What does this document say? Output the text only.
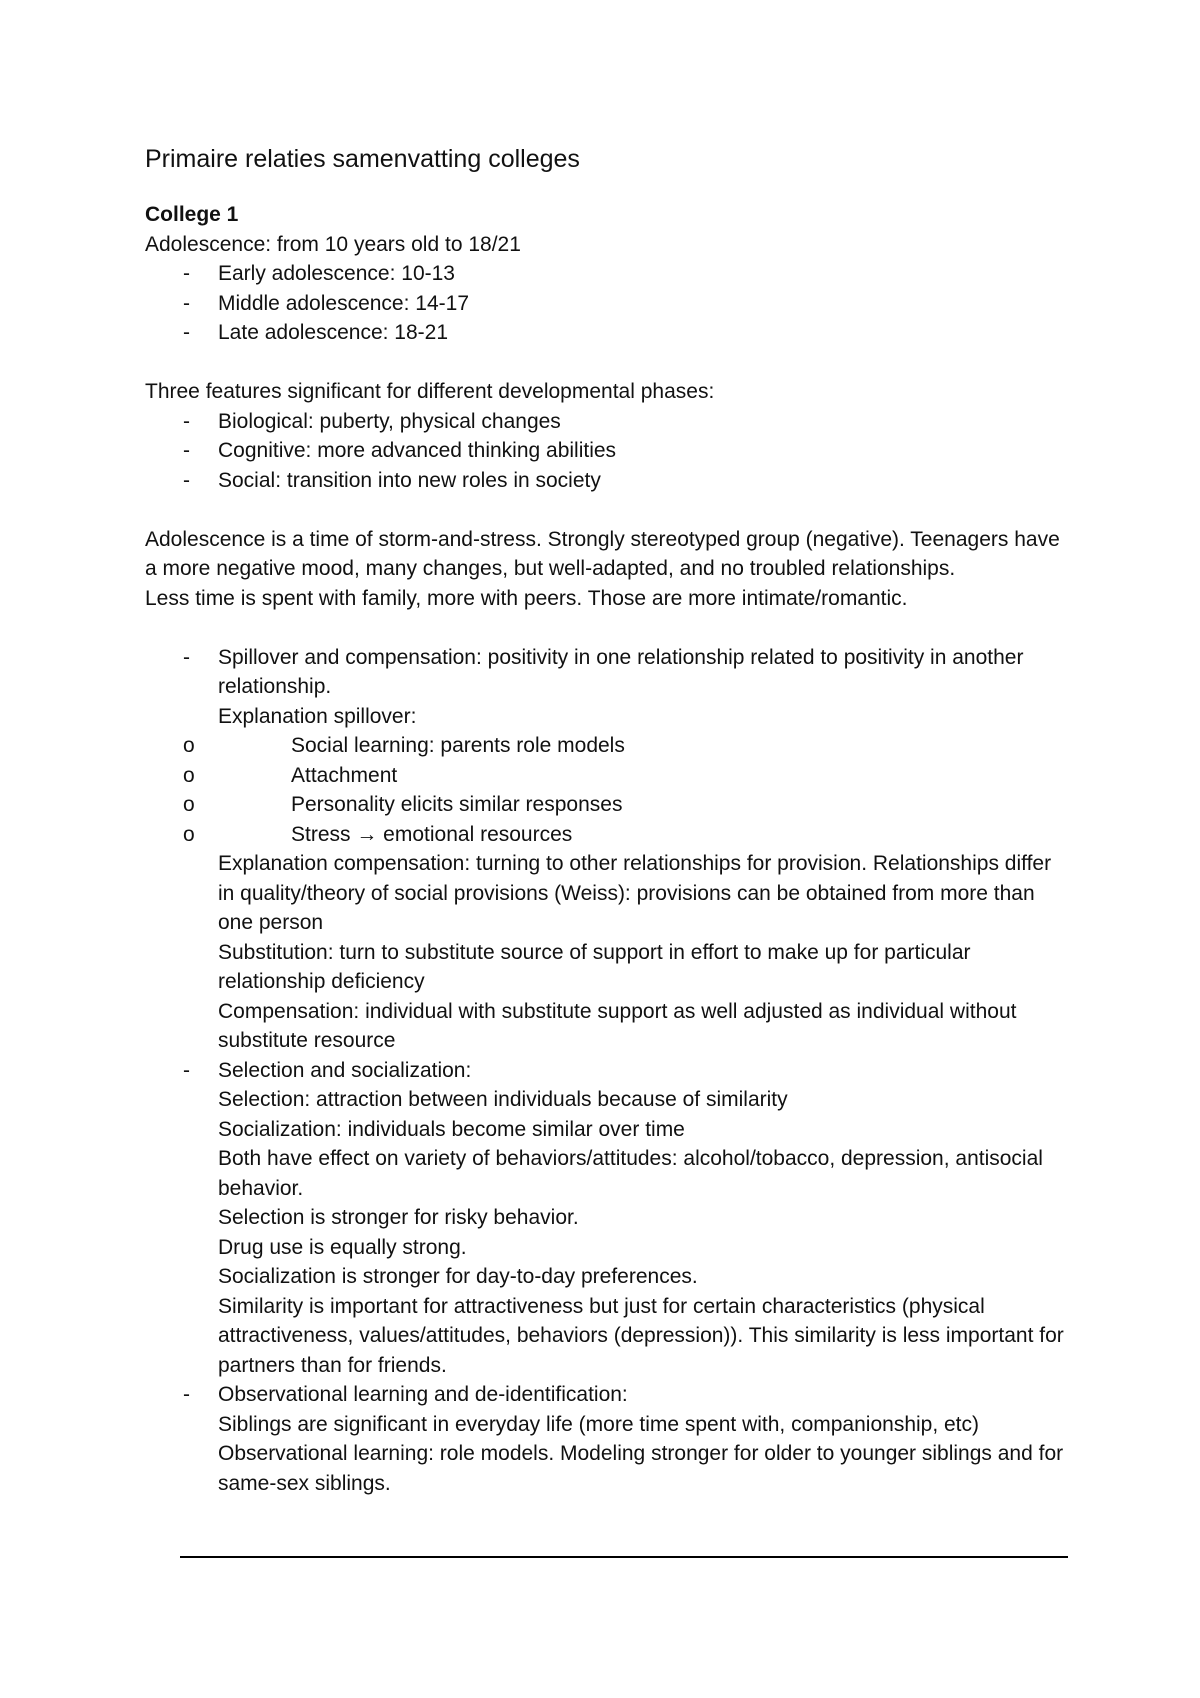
Primaire relaties samenvatting colleges
College 1
Adolescence: from 10 years old to 18/21
- Early adolescence: 10-13
- Middle adolescence: 14-17
- Late adolescence: 18-21
Three features significant for different developmental phases:
- Biological: puberty, physical changes
- Cognitive: more advanced thinking abilities
- Social: transition into new roles in society
Adolescence is a time of storm-and-stress. Strongly stereotyped group (negative). Teenagers have a more negative mood, many changes, but well-adapted, and no troubled relationships.
Less time is spent with family, more with peers. Those are more intimate/romantic.
- Spillover and compensation: positivity in one relationship related to positivity in another relationship.
Explanation spillover:
o Social learning: parents role models
o Attachment
o Personality elicits similar responses
o Stress → emotional resources
Explanation compensation: turning to other relationships for provision. Relationships differ in quality/theory of social provisions (Weiss): provisions can be obtained from more than one person
Substitution: turn to substitute source of support in effort to make up for particular relationship deficiency
Compensation: individual with substitute support as well adjusted as individual without substitute resource
- Selection and socialization:
Selection: attraction between individuals because of similarity
Socialization: individuals become similar over time
Both have effect on variety of behaviors/attitudes: alcohol/tobacco, depression, antisocial behavior.
Selection is stronger for risky behavior.
Drug use is equally strong.
Socialization is stronger for day-to-day preferences.
Similarity is important for attractiveness but just for certain characteristics (physical attractiveness, values/attitudes, behaviors (depression)). This similarity is less important for partners than for friends.
- Observational learning and de-identification:
Siblings are significant in everyday life (more time spent with, companionship, etc)
Observational learning: role models. Modeling stronger for older to younger siblings and for same-sex siblings.
